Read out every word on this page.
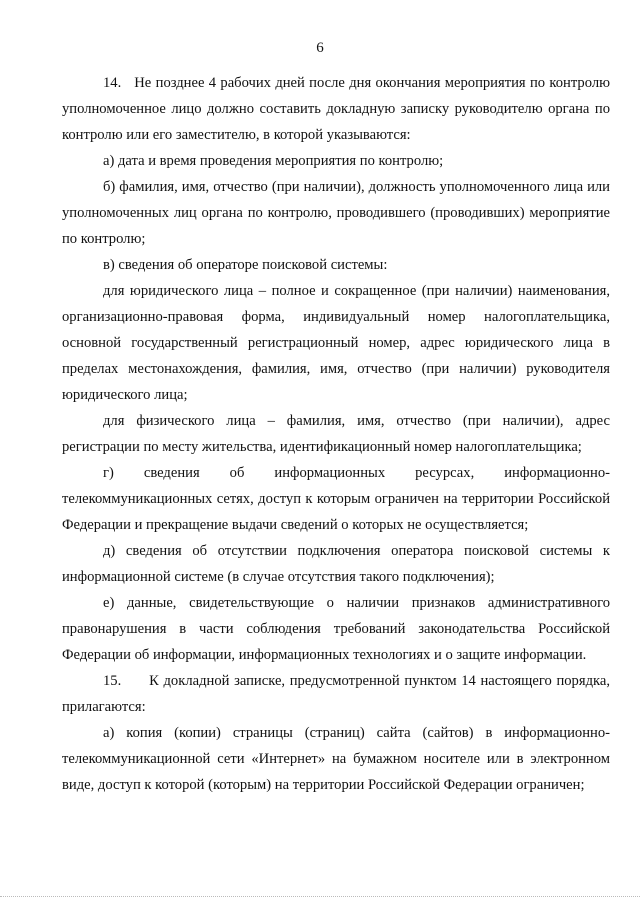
6

14.   Не позднее 4 рабочих дней после дня окончания мероприятия по контролю уполномоченное лицо должно составить докладную записку руководителю органа по контролю или его заместителю, в которой указываются:

а) дата и время проведения мероприятия по контролю;

б) фамилия, имя, отчество (при наличии), должность уполномоченного лица или уполномоченных лиц органа по контролю, проводившего (проводивших) мероприятие по контролю;

в) сведения об операторе поисковой системы:

для юридического лица – полное и сокращенное (при наличии) наименования, организационно-правовая форма, индивидуальный номер налогоплательщика, основной государственный регистрационный номер, адрес юридического лица в пределах местонахождения, фамилия, имя, отчество (при наличии) руководителя юридического лица;

для физического лица – фамилия, имя, отчество (при наличии), адрес регистрации по месту жительства, идентификационный номер налогоплательщика;

г) сведения об информационных ресурсах, информационно-телекоммуникационных сетях, доступ к которым ограничен на территории Российской Федерации и прекращение выдачи сведений о которых не осуществляется;

д) сведения об отсутствии подключения оператора поисковой системы к информационной системе (в случае отсутствия такого подключения);

е) данные, свидетельствующие о наличии признаков административного правонарушения в части соблюдения требований законодательства Российской Федерации об информации, информационных технологиях и о защите информации.

15.      К докладной записке, предусмотренной пунктом 14 настоящего порядка, прилагаются:

а) копия (копии) страницы (страниц) сайта (сайтов) в информационно-телекоммуникационной сети «Интернет» на бумажном носителе или в электронном виде, доступ к которой (которым) на территории Российской Федерации ограничен;
